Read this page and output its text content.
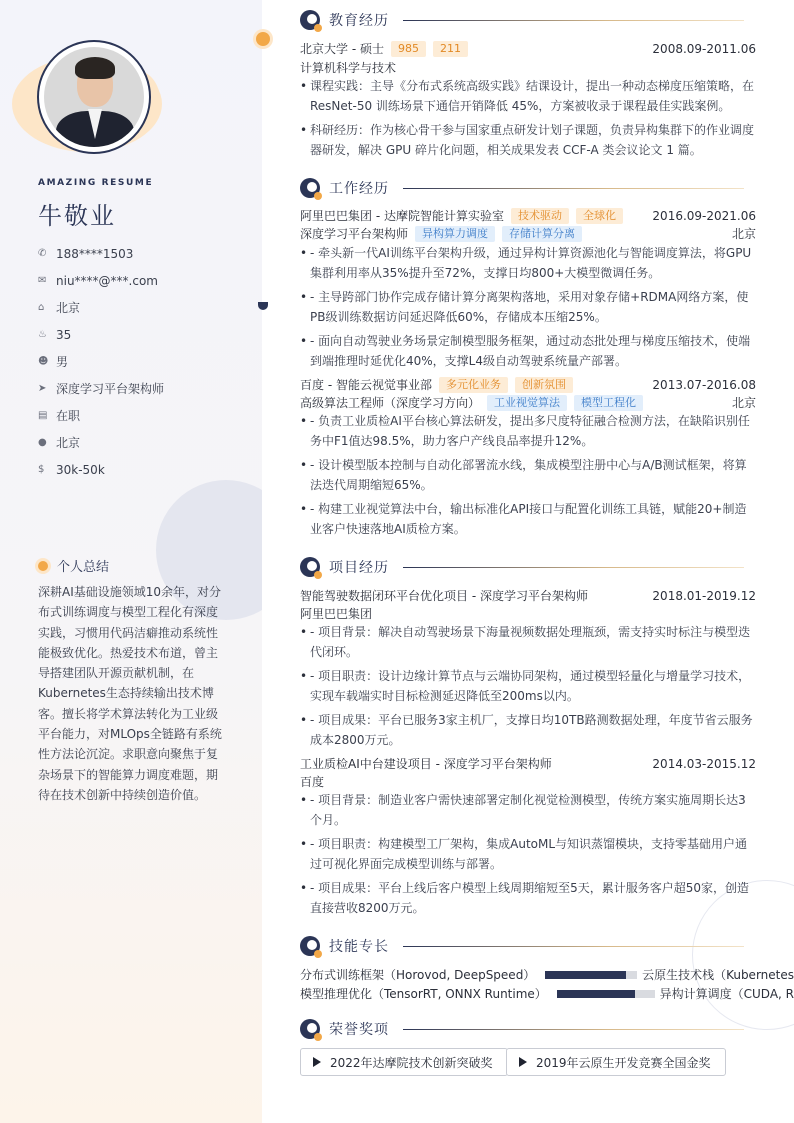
AMAZING RESUME
牛敬业
✆ 188****1503
✉ niu****@***.com
⌂ 北京
♨ 35
☻ 男
➤ 深度学习平台架构师
▤ 在职
● 北京
$ 30k-50k
个人总结
深耕AI基础设施领域10余年，对分布式训练调度与模型工程化有深度实践，习惯用代码洁癖推动系统性能极致优化。热爱技术布道，曾主导搭建团队开源贡献机制，在Kubernetes生态持续输出技术博客。擅长将学术算法转化为工业级平台能力，对MLOps全链路有系统性方法论沉淀。求职意向聚焦于复杂场景下的智能算力调度难题，期待在技术创新中持续创造价值。
教育经历
北京大学 - 硕士	985	211	2008.09-2011.06
计算机科学与技术
• 课程实践：主导《分布式系统高级实践》结课设计，提出一种动态梯度压缩策略，在ResNet-50 训练场景下通信开销降低 45%，方案被收录于课程最佳实践案例。
• 科研经历：作为核心骨干参与国家重点研发计划子课题，负责异构集群下的作业调度器研发，解决 GPU 碎片化问题，相关成果发表 CCF-A 类会议论文 1 篇。
工作经历
阿里巴巴集团 - 达摩院智能计算实验室	技术驱动	全球化	2016.09-2021.06
深度学习平台架构师	异构算力调度	存储计算分离	北京
• - 牵头新一代AI训练平台架构升级，通过异构计算资源池化与智能调度算法，将GPU集群利用率从35%提升至72%，支撑日均800+大模型微调任务。
• - 主导跨部门协作完成存储计算分离架构落地，采用对象存储+RDMA网络方案，使PB级训练数据访问延迟降低60%，存储成本压缩25%。
• - 面向自动驾驶业务场景定制模型服务框架，通过动态批处理与梯度压缩技术，使端到端推理时延优化40%，支撑L4级自动驾驶系统量产部署。
百度 - 智能云视觉事业部	多元化业务	创新氛围	2013.07-2016.08
高级算法工程师（深度学习方向）	工业视觉算法	模型工程化	北京
• - 负责工业质检AI平台核心算法研发，提出多尺度特征融合检测方法，在缺陷识别任务中F1值达98.5%，助力客户产线良品率提升12%。
• - 设计模型版本控制与自动化部署流水线，集成模型注册中心与A/B测试框架，将算法迭代周期缩短65%。
• - 构建工业视觉算法中台，输出标准化API接口与配置化训练工具链，赋能20+制造业客户快速落地AI质检方案。
项目经历
智能驾驶数据闭环平台优化项目 - 深度学习平台架构师	2018.01-2019.12
阿里巴巴集团
• - 项目背景：解决自动驾驶场景下海量视频数据处理瓶颈，需支持实时标注与模型迭代闭环。
• - 项目职责：设计边缘计算节点与云端协同架构，通过模型轻量化与增量学习技术，实现车载端实时目标检测延迟降低至200ms以内。
• - 项目成果：平台已服务3家主机厂，支撑日均10TB路测数据处理，年度节省云服务成本2800万元。
工业质检AI中台建设项目 - 深度学习平台架构师	2014.03-2015.12
百度
• - 项目背景：制造业客户需快速部署定制化视觉检测模型，传统方案实施周期长达3个月。
• - 项目职责：构建模型工厂架构，集成AutoML与知识蒸馏模块，支持零基础用户通过可视化界面完成模型训练与部署。
• - 项目成果：平台上线后客户模型上线周期缩短至5天，累计服务客户超50家，创造直接营收8200万元。
技能专长
分布式训练框架（Horovod, DeepSpeed）	云原生技术栈（Kubernetes
模型推理优化（TensorRT, ONNX Runtime）	异构计算调度（CUDA, R
荣誉奖项
2022年达摩院技术创新突破奖	2019年云原生开发竞赛全国金奖
